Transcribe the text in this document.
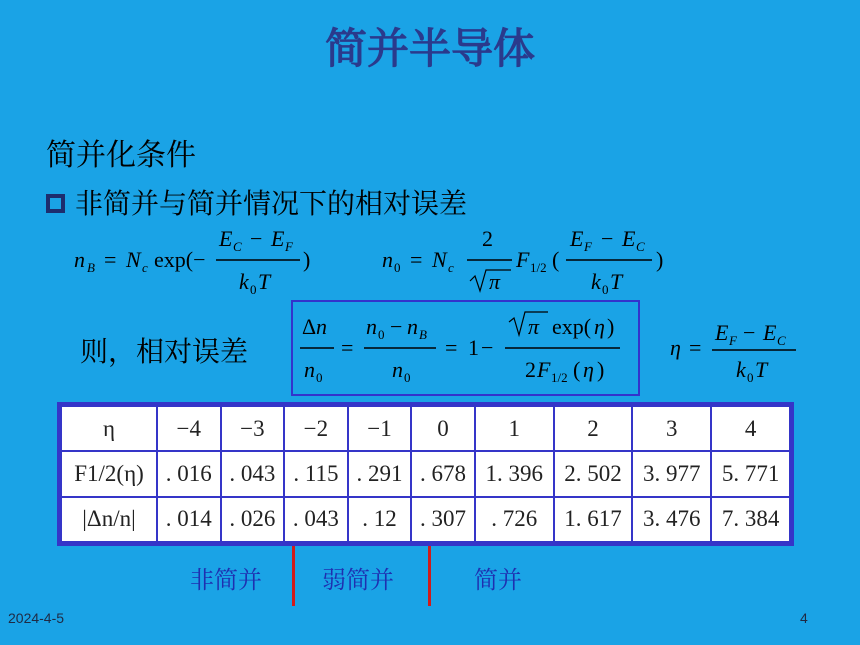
简并半导体
简并化条件
非简并与简并情况下的相对误差
n B = N c exp(−
E C − E F
k 0 T
)	n 0 = N c
2
π
F 1/2 (
E F − E C
k 0 T
)
Δ n
n 0
=
n 0 − n B
n 0
= 1 −
π exp( η )
2 F 1/2 ( η )
η =
E F − E C
k 0 T
则，相对误差
η	−4	−3	−2	−1	0	1	2	3	4
F1/2(η)	. 016	. 043	. 115	. 291	. 678	1. 396	2. 502	3. 977	5. 771
|Δn/n|	. 014	. 026	. 043	. 12	. 307	. 726	1. 617	3. 476	7. 384
非简并	弱简并	简并
2024-4-5	4
